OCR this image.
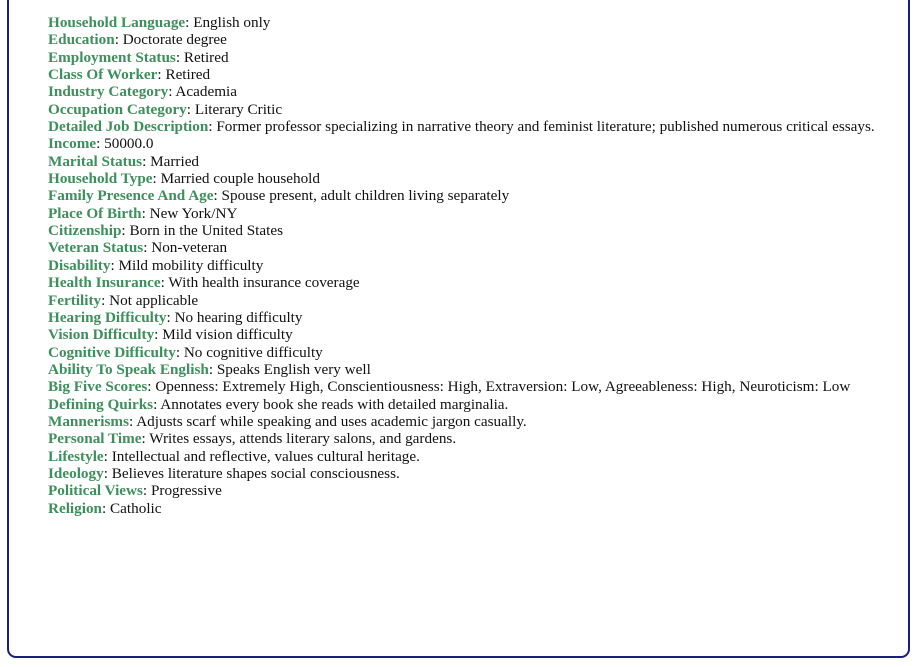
Household Language: English only
Education: Doctorate degree
Employment Status: Retired
Class Of Worker: Retired
Industry Category: Academia
Occupation Category: Literary Critic
Detailed Job Description: Former professor specializing in narrative theory and feminist literature; published numerous critical essays.
Income: 50000.0
Marital Status: Married
Household Type: Married couple household
Family Presence And Age: Spouse present, adult children living separately
Place Of Birth: New York/NY
Citizenship: Born in the United States
Veteran Status: Non-veteran
Disability: Mild mobility difficulty
Health Insurance: With health insurance coverage
Fertility: Not applicable
Hearing Difficulty: No hearing difficulty
Vision Difficulty: Mild vision difficulty
Cognitive Difficulty: No cognitive difficulty
Ability To Speak English: Speaks English very well
Big Five Scores: Openness: Extremely High, Conscientiousness: High, Extraversion: Low, Agreeableness: High, Neuroticism: Low
Defining Quirks: Annotates every book she reads with detailed marginalia.
Mannerisms: Adjusts scarf while speaking and uses academic jargon casually.
Personal Time: Writes essays, attends literary salons, and gardens.
Lifestyle: Intellectual and reflective, values cultural heritage.
Ideology: Believes literature shapes social consciousness.
Political Views: Progressive
Religion: Catholic
